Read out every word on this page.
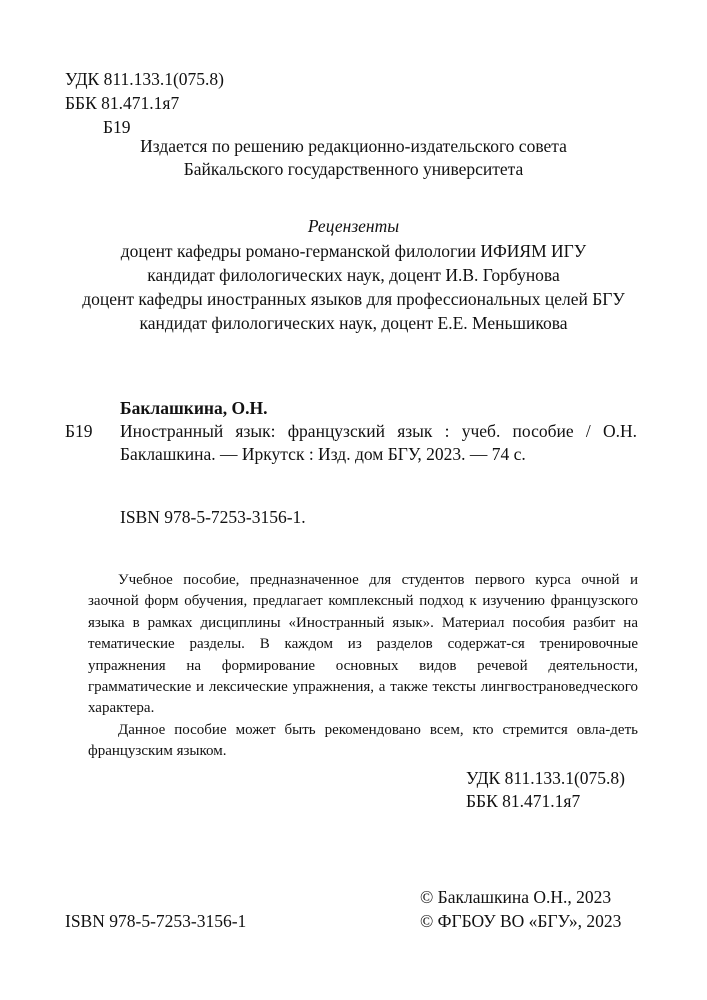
УДК 811.133.1(075.8)
ББК 81.471.1я7
Б19
Издается по решению редакционно-издательского совета
Байкальского государственного университета
Рецензенты
доцент кафедры романо-германской филологии ИФИЯМ ИГУ
кандидат филологических наук, доцент И.В. Горбунова
доцент кафедры иностранных языков для профессиональных целей БГУ
кандидат филологических наук, доцент Е.Е. Меньшикова
Баклашкина, О.Н.
Б19 Иностранный язык: французский язык : учеб. пособие / О.Н. Баклашкина. — Иркутск : Изд. дом БГУ, 2023. — 74 с.
ISBN 978-5-7253-3156-1.

Учебное пособие, предназначенное для студентов первого курса очной и заочной форм обучения, предлагает комплексный подход к изучению французского языка в рамках дисциплины «Иностранный язык». Материал пособия разбит на тематические разделы. В каждом из разделов содержат-ся тренировочные упражнения на формирование основных видов речевой деятельности, грамматические и лексические упражнения, а также тексты лингвострановедческого характера.

Данное пособие может быть рекомендовано всем, кто стремится овла-деть французским языком.

УДК 811.133.1(075.8)
ББК 81.471.1я7
© Баклашкина О.Н., 2023
© ФГБОУ ВО «БГУ», 2023
ISBN 978-5-7253-3156-1
